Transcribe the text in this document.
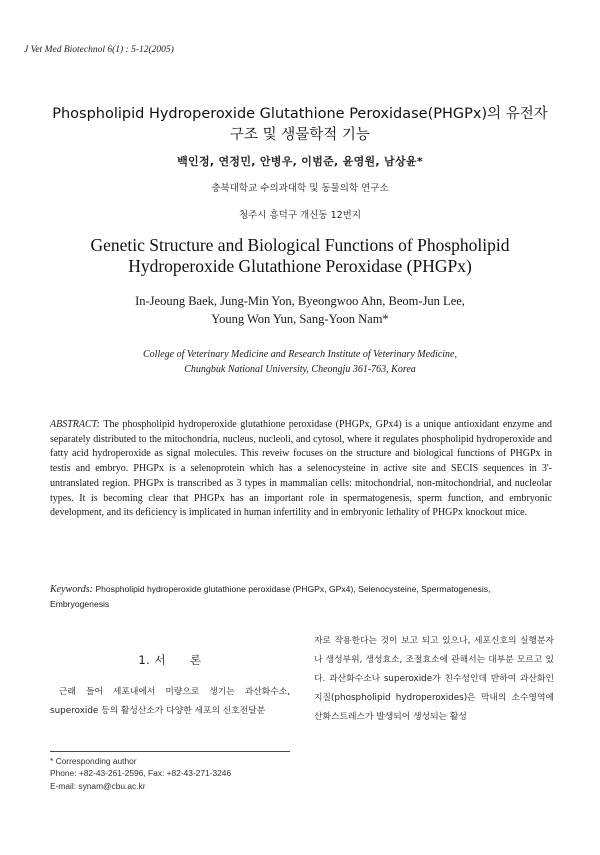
J Vet Med Biotechnol 6(1) : 5-12(2005)
Phospholipid Hydroperoxide Glutathione Peroxidase(PHGPx)의 유전자
구조 및 생물학적 기능
백인정, 연정민, 안병우, 이범준, 윤영원, 남상윤*
충북대학교 수의과대학 및 동물의학 연구소
청주시 흥덕구 개신동 12번지
Genetic Structure and Biological Functions of Phospholipid
Hydroperoxide Glutathione Peroxidase (PHGPx)
In-Jeoung Baek, Jung-Min Yon, Byeongwoo Ahn, Beom-Jun Lee,
Young Won Yun, Sang-Yoon Nam*
College of Veterinary Medicine and Research Institute of Veterinary Medicine,
Chungbuk National University, Cheongju 361-763, Korea
ABSTRACT: The phospholipid hydroperoxide glutathione peroxidase (PHGPx, GPx4) is a unique antioxidant enzyme and separately distributed to the mitochondria, nucleus, nucleoli, and cytosol, where it regulates phospholipid hydroperoxide and fatty acid hydroperoxide as signal molecules. This reveiw focuses on the structure and biological functions of PHGPx in testis and embryo. PHGPx is a selenoprotein which has a selenocysteine in active site and SECIS sequences in 3'-untranslated region. PHGPx is transcribed as 3 types in mammalian cells: mitochondrial, non-mitochondrial, and nucleolar types. It is becoming clear that PHGPx has an important role in spermatogenesis, sperm function, and embryonic development, and its deficiency is implicated in human infertility and in embryonic lethality of PHGPx knockout mice.
Keywords: Phospholipid hydroperoxide glutathione peroxidase (PHGPx, GPx4), Selenocysteine, Spermatogenesis, Embryogenesis
1. 서　　론
근래 들어 세포내에서 미량으로 생기는 과산화수소, superoxide 등의 활성산소가 다양한 세포의 신호전달분
자로 작용한다는 것이 보고 되고 있으나, 세포신호의 실행분자나 생성부위, 생성효소, 조절효소에 관해서는 대부분 모르고 있다. 과산화수소나 superoxide가 친수성인데 반하여 과산화인지질(phospholipid hydroperoxides)은 막내의 소수영역에 산화스트레스가 발생되어 생성되는 활성
* Corresponding author
Phone: +82-43-261-2596, Fax: +82-43-271-3246
E-mail: synam@cbu.ac.kr
